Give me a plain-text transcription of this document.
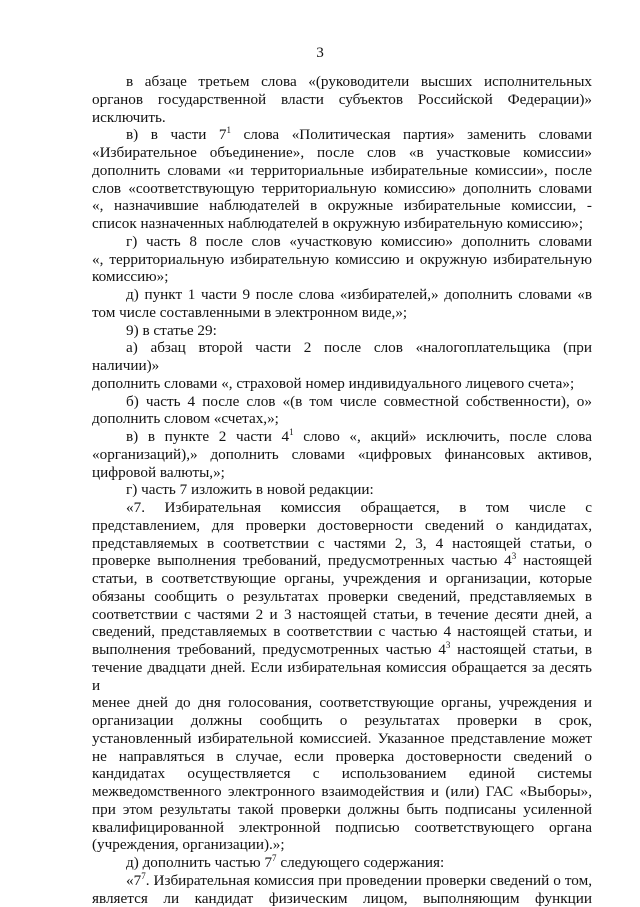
3

в абзаце третьем слова «(руководители высших исполнительных

органов государственной власти субъектов Российской Федерации)»

исключить.

в) в части $7^1$ слова «Политическая партия» заменить словами

«Избирательное объединение», после слов «в участковые комиссии»

дополнить словами «и территориальные избирательные комиссии», после

слов «соответствующую территориальную комиссию» дополнить словами

«, назначившие наблюдателей в окружные избирательные комиссии, -

список назначенных наблюдателей в окружную избирательную комиссию»;

г) часть 8 после слов «участковую комиссию» дополнить словами

«, территориальную избирательную комиссию и окружную избирательную

комиссию»;

д) пункт 1 части 9 после слова «избирателей,» дополнить словами «в

том числе составленными в электронном виде,»;

9) в статье 29:

а) абзац второй части 2 после слов «налогоплательщика (при наличии)»

дополнить словами «, страховой номер индивидуального лицевого счета»;

б) часть 4 после слов «(в том числе совместной собственности), о»

дополнить словом «счетах,»;

в) в пункте 2 части $4^1$ слово «, акций» исключить, после слова

«организаций),» дополнить словами «цифровых финансовых активов,

цифровой валюты,»;

г) часть 7 изложить в новой редакции:

«7. Избирательная комиссия обращается, в том числе с

представлением, для проверки достоверности сведений о кандидатах,

представляемых в соответствии с частями 2, 3, 4 настоящей статьи, о

проверке выполнения требований, предусмотренных частью $4^3$ настоящей

статьи, в соответствующие органы, учреждения и организации, которые

обязаны сообщить о результатах проверки сведений, представляемых в

соответствии с частями 2 и 3 настоящей статьи, в течение десяти дней, а

сведений, представляемых в соответствии с частью 4 настоящей статьи, и

выполнения требований, предусмотренных частью $4^3$ настоящей статьи, в

течение двадцати дней. Если избирательная комиссия обращается за десять и

менее дней до дня голосования, соответствующие органы, учреждения и

организации должны сообщить о результатах проверки в срок,

установленный избирательной комиссией. Указанное представление может

не направляться в случае, если проверка достоверности сведений о

кандидатах осуществляется с использованием единой системы

межведомственного электронного взаимодействия и (или) ГАС «Выборы»,

при этом результаты такой проверки должны быть подписаны усиленной

квалифицированной электронной подписью соответствующего органа

(учреждения, организации).»;

д) дополнить частью $7^7$ следующего содержания:

«$7^7$. Избирательная комиссия при проведении проверки сведений о том,

является ли кандидат физическим лицом, выполняющим функции
